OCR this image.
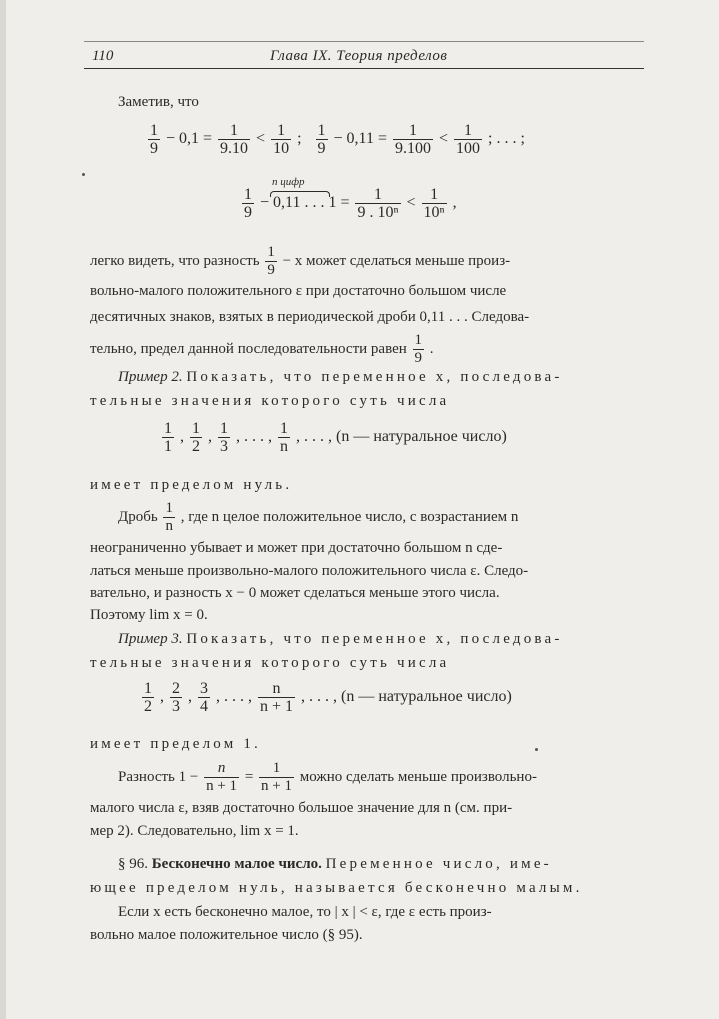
110	Глава IX. Теория пределов
Заметив, что
$\frac{1}{9} - 0,1 = \frac{1}{9.10} < \frac{1}{10}$ ; $\frac{1}{9} - 0,11 = \frac{1}{9.100} < \frac{1}{100}$ ; . . . ;
n цифр
$\frac{1}{9} - 0,11$ . . . $1 = \frac{1}{\text{9 . 10ⁿ}} < \frac{1}{\text{10ⁿ}}$ ,
легко видеть, что разность $\frac{1}{9} - x$ может сделаться меньше произ-
вольно-малого положительного ε при достаточно большом числе
десятичных знаков, взятых в периодической дроби 0,11 . . . Следова-
тельно, предел данной последовательности равен $\frac{1}{9}$ .
Пример 2. Показать, что переменное x, последова-
тельные значения которого суть числа
$\frac{1}{1}$ , $\frac{1}{2}$ , $\frac{1}{3}$ , . . . , $\frac{1}{n}$ , . . . , (n — натуральное число)
имеет пределом нуль.
Дробь $\frac{1}{n}$ , где n целое положительное число, с возрастанием n
неограниченно убывает и может при достаточно большом n сде-
латься меньше произвольно-малого положительного числа ε. Следо-
вательно, и разность x − 0 может сделаться меньше этого числа.
Поэтому lim x = 0.
Пример 3. Показать, что переменное x, последова-
тельные значения которого суть числа
$\frac{1}{2}$ , $\frac{2}{3}$ , $\frac{3}{4}$ , . . . , $\frac{n}{n + 1}$ , . . . , (n — натуральное число)
имеет пределом 1.
Разность $1 - \frac{n}{n + 1} = \frac{1}{n + 1}$ можно сделать меньше произвольно-
малого числа ε, взяв достаточно большое значение для n (см. при-
мер 2). Следовательно, lim x = 1.
§ 96. Бесконечно малое число. Переменное число, име-
ющее пределом нуль, называется бесконечно малым.
Если x есть бесконечно малое, то | x | < ε, где ε есть произ-
вольно малое положительное число (§ 95).
